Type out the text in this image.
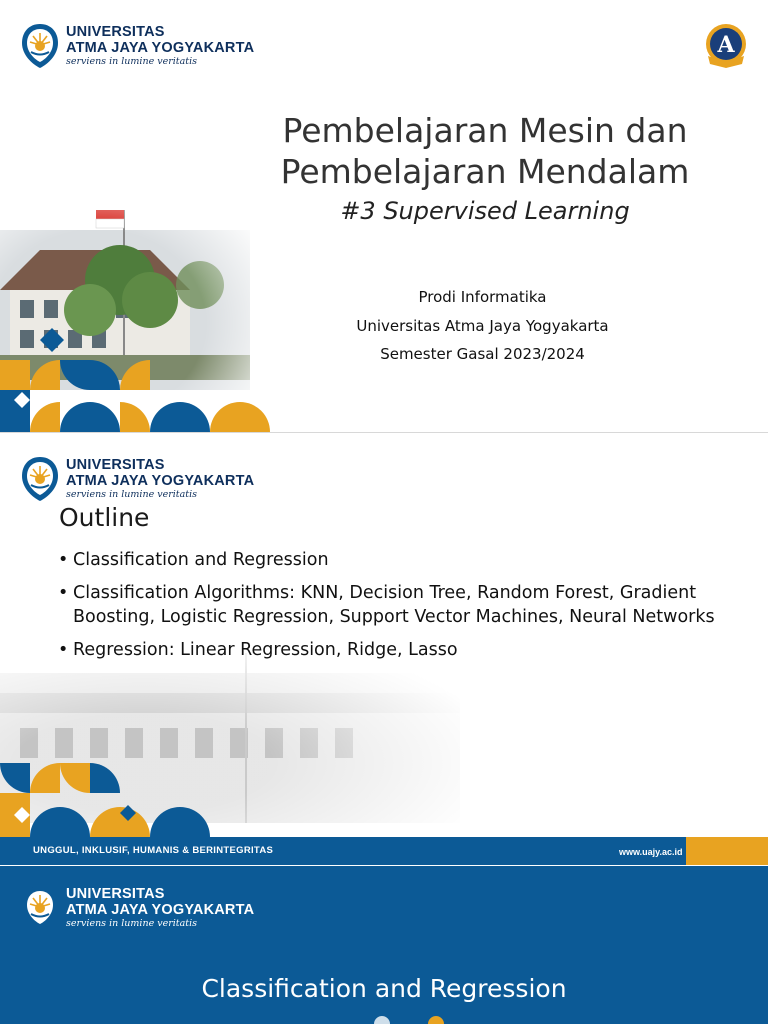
UNIVERSITAS
ATMA JAYA YOGYAKARTA
serviens in lumine veritatis
A
Pembelajaran Mesin dan
Pembelajaran Mendalam
#3 Supervised Learning
Prodi Informatika
Universitas Atma Jaya Yogyakarta
Semester Gasal 2023/2024
UNIVERSITAS
ATMA JAYA YOGYAKARTA
serviens in lumine veritatis
Outline
• Classification and Regression
• Classification Algorithms: KNN, Decision Tree, Random Forest, Gradient Boosting, Logistic Regression, Support Vector Machines, Neural Networks
• Regression: Linear Regression, Ridge, Lasso
UNGGUL, INKLUSIF, HUMANIS & BERINTEGRITAS	www.uajy.ac.id
UNIVERSITAS
ATMA JAYA YOGYAKARTA
serviens in lumine veritatis
Classification and Regression
